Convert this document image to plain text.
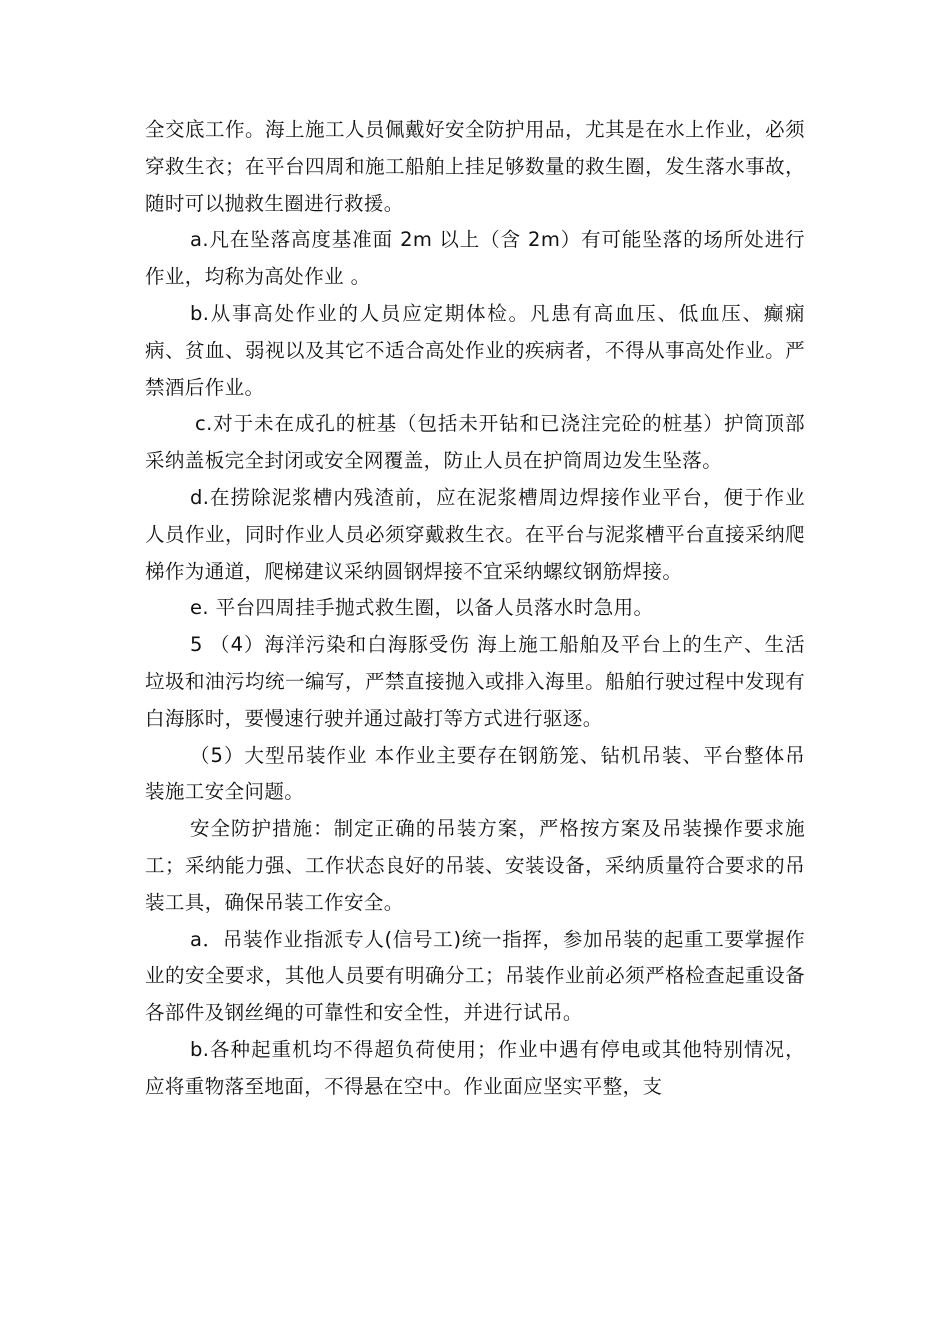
全交底工作。海上施工人员佩戴好安全防护用品，尤其是在水上作业，必须穿救生衣；在平台四周和施工船舶上挂足够数量的救生圈，发生落水事故，随时可以抛救生圈进行救援。

a.凡在坠落高度基准面 2m 以上（含 2m）有可能坠落的场所处进行作业，均称为高处作业 。

b.从事高处作业的人员应定期体检。凡患有高血压、低血压、癫痫病、贫血、弱视以及其它不适合高处作业的疾病者，不得从事高处作业。严禁酒后作业。

c.对于未在成孔的桩基（包括未开钻和已浇注完砼的桩基）护筒顶部采纳盖板完全封闭或安全网覆盖，防止人员在护筒周边发生坠落。

d.在捞除泥浆槽内残渣前，应在泥浆槽周边焊接作业平台，便于作业人员作业，同时作业人员必须穿戴救生衣。在平台与泥浆槽平台直接采纳爬梯作为通道，爬梯建议采纳圆钢焊接不宜采纳螺纹钢筋焊接。

e. 平台四周挂手抛式救生圈，以备人员落水时急用。

5 （4）海洋污染和白海豚受伤 海上施工船舶及平台上的生产、生活垃圾和油污均统一编写，严禁直接抛入或排入海里。船舶行驶过程中发现有白海豚时，要慢速行驶并通过敲打等方式进行驱逐。

（5）大型吊装作业 本作业主要存在钢筋笼、钻机吊装、平台整体吊装施工安全问题。

安全防护措施：制定正确的吊装方案，严格按方案及吊装操作要求施工；采纳能力强、工作状态良好的吊装、安装设备，采纳质量符合要求的吊装工具，确保吊装工作安全。

a．吊装作业指派专人(信号工)统一指挥，参加吊装的起重工要掌握作业的安全要求，其他人员要有明确分工；吊装作业前必须严格检查起重设备各部件及钢丝绳的可靠性和安全性，并进行试吊。

b.各种起重机均不得超负荷使用；作业中遇有停电或其他特别情况，应将重物落至地面，不得悬在空中。作业面应坚实平整，支
